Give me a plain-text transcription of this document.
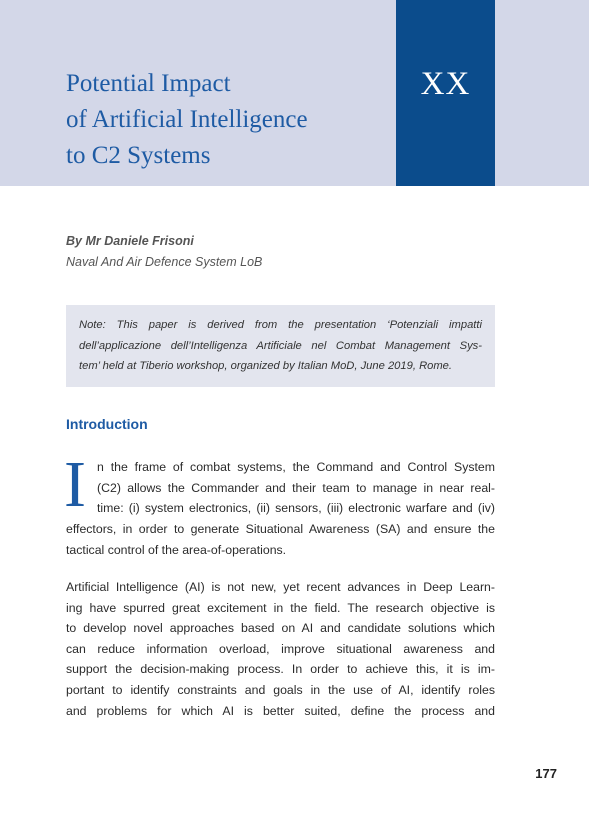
XX
Potential Impact
of Artificial Intelligence
to C2 Systems
By Mr Daniele Frisoni
Naval And Air Defence System LoB
Note: This paper is derived from the presentation ‘Potenziali impatti
dell’applicazione dell’Intelligenza Artificiale nel Combat Management Sys-
tem’ held at Tiberio workshop, organized by Italian MoD, June 2019, Rome.
Introduction
I n the frame of combat systems, the Command and Control System
(C2) allows the Commander and their team to manage in near real-
time: (i) system electronics, (ii) sensors, (iii) electronic warfare and (iv)
effectors, in order to generate Situational Awareness (SA) and ensure the
tactical control of the area-of-operations.
Artificial Intelligence (AI) is not new, yet recent advances in Deep Learn-
ing have spurred great excitement in the field. The research objective is
to develop novel approaches based on AI and candidate solutions which
can reduce information overload, improve situational awareness and
support the decision-making process. In order to achieve this, it is im-
portant to identify constraints and goals in the use of AI, identify roles
and problems for which AI is better suited, define the process and
177
